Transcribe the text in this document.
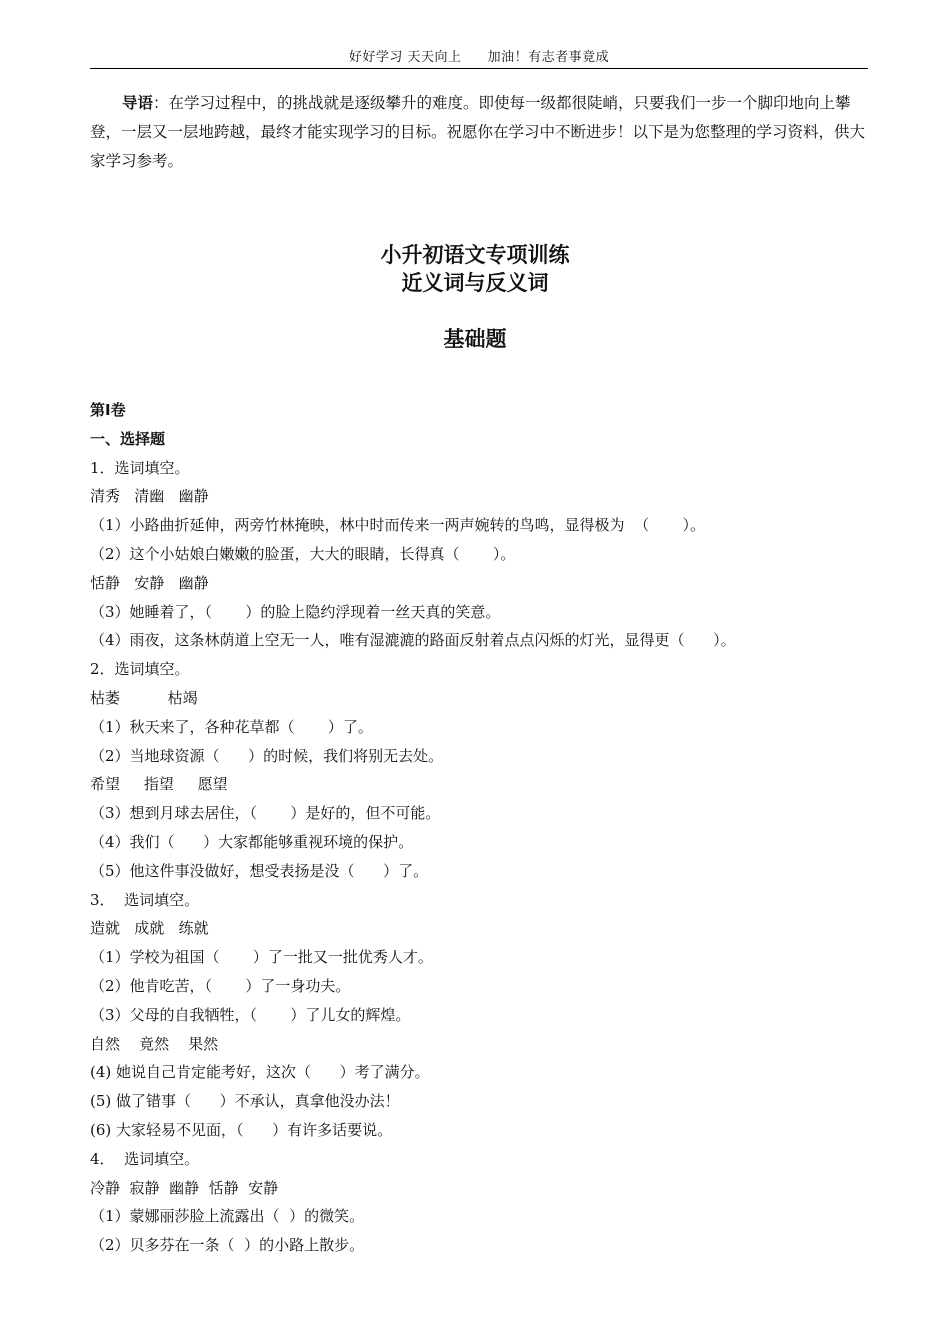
好好学习 天天向上 加油！有志者事竟成
导语：在学习过程中，的挑战就是逐级攀升的难度。即使每一级都很陡峭，只要我们一步一个脚印地向上攀登，一层又一层地跨越，最终才能实现学习的目标。祝愿你在学习中不断进步！以下是为您整理的学习资料，供大家学习参考。
小升初语文专项训练
近义词与反义词
基础题
第Ⅰ卷
一、选择题
1．选词填空。
清秀   清幽   幽静
（1）小路曲折延伸，两旁竹林掩映，林中时而传来一两声婉转的鸟鸣，显得极为  （       ）。
（2）这个小姑娘白嫩嫩的脸蛋，大大的眼睛，长得真（       ）。
恬静   安静   幽静
（3）她睡着了，（       ）的脸上隐约浮现着一丝天真的笑意。
（4）雨夜，这条林荫道上空无一人，唯有湿漉漉的路面反射着点点闪烁的灯光，显得更（      ）。
2．选词填空。
枯萎          枯竭
（1）秋天来了，各种花草都（       ）了。
（2）当地球资源（      ）的时候，我们将别无去处。
希望     指望     愿望
（3）想到月球去居住，（       ）是好的，但不可能。
（4）我们（      ）大家都能够重视环境的保护。
（5）他这件事没做好，想受表扬是没（      ）了。
3．  选词填空。
造就   成就   练就
（1）学校为祖国（       ）了一批又一批优秀人才。
（2）他肯吃苦，（       ）了一身功夫。
（3）父母的自我牺牲，（       ）了儿女的辉煌。
自然    竟然    果然
(4) 她说自己肯定能考好，这次（      ）考了满分。
(5) 做了错事（      ）不承认，真拿他没办法！
(6) 大家轻易不见面，（      ）有许多话要说。
4．  选词填空。
冷静  寂静  幽静  恬静  安静
（1）蒙娜丽莎脸上流露出（  ）的微笑。
（2）贝多芬在一条（  ）的小路上散步。
